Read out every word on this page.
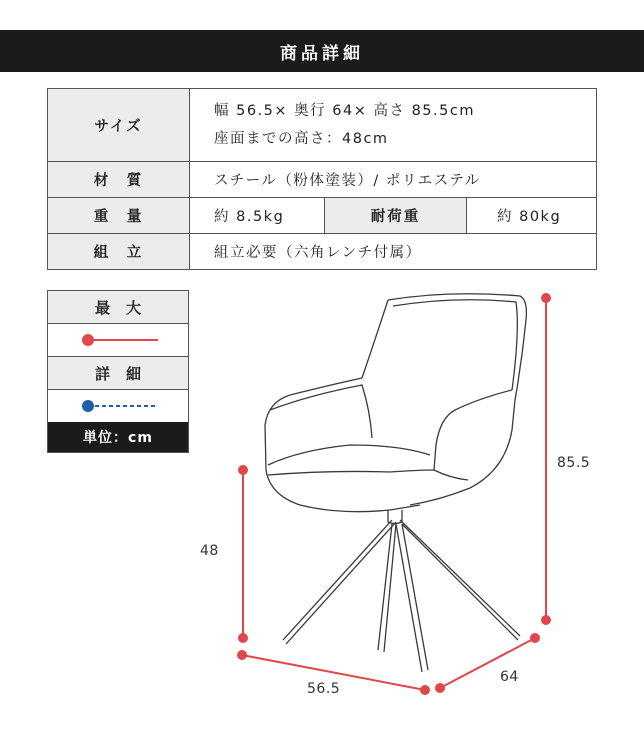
商品詳細
サイズ	幅 56.5× 奥行 64× 高さ 85.5cm
座面までの高さ：48cm		

材　質	スチール（粉体塗装）/ ポリエステル		
重　量	約 8.5kg	耐荷重	約 80kg
組　立	組立必要（六角レンチ付属）		
最大
詳細
単位：cm
85.5
48
56.5
64
